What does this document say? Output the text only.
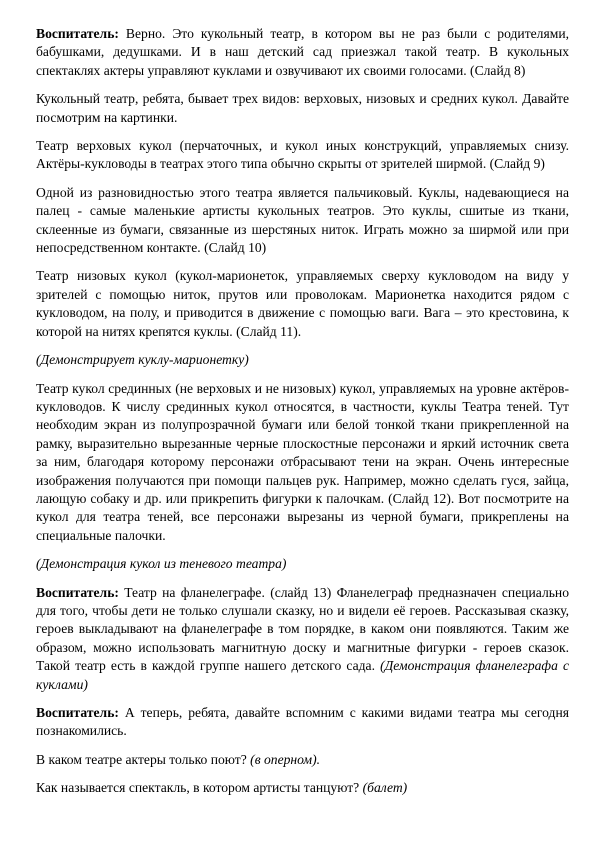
Воспитатель: Верно. Это кукольный театр, в котором вы не раз были с родителями, бабушками, дедушками. И в наш детский сад приезжал такой театр. В кукольных спектаклях актеры управляют куклами и озвучивают их своими голосами. (Слайд 8)

Кукольный театр, ребята, бывает трех видов: верховых, низовых и средних кукол. Давайте посмотрим на картинки.

Театр верховых кукол (перчаточных, и кукол иных конструкций, управляемых снизу. Актёры-кукловоды в театрах этого типа обычно скрыты от зрителей ширмой. (Слайд 9)

Одной из разновидностью этого театра является пальчиковый. Куклы, надевающиеся на палец - самые маленькие артисты кукольных театров. Это куклы, сшитые из ткани, склеенные из бумаги, связанные из шерстяных ниток. Играть можно за ширмой или при непосредственном контакте. (Слайд 10)

Театр низовых кукол (кукол-марионеток, управляемых сверху кукловодом на виду у зрителей с помощью ниток, прутов или проволокам. Марионетка находится рядом с кукловодом, на полу, и приводится в движение с помощью ваги. Вага – это крестовина, к которой на нитях крепятся куклы. (Слайд 11).

(Демонстрирует куклу-марионетку)

Театр кукол срединных (не верховых и не низовых) кукол, управляемых на уровне актёров-кукловодов. К числу срединных кукол относятся, в частности, куклы Театра теней. Тут необходим экран из полупрозрачной бумаги или белой тонкой ткани прикрепленной на рамку, выразительно вырезанные черные плоскостные персонажи и яркий источник света за ним, благодаря которому персонажи отбрасывают тени на экран. Очень интересные изображения получаются при помощи пальцев рук. Например, можно сделать гуся, зайца, лающую собаку и др. или прикрепить фигурки к палочкам. (Слайд 12). Вот посмотрите на кукол для театра теней, все персонажи вырезаны из черной бумаги, прикреплены на специальные палочки.

(Демонстрация кукол из теневого театра)

Воспитатель: Театр на фланелеграфе. (слайд 13) Фланелеграф предназначен специально для того, чтобы дети не только слушали сказку, но и видели её героев. Рассказывая сказку, героев выкладывают на фланелеграфе в том порядке, в каком они появляются. Таким же образом, можно использовать магнитную доску и магнитные фигурки - героев сказок. Такой театр есть в каждой группе нашего детского сада. (Демонстрация фланелеграфа с куклами)

Воспитатель: А теперь, ребята, давайте вспомним с какими видами театра мы сегодня познакомились.

В каком театре актеры только поют? (в оперном).

Как называется спектакль, в котором артисты танцуют? (балет)
